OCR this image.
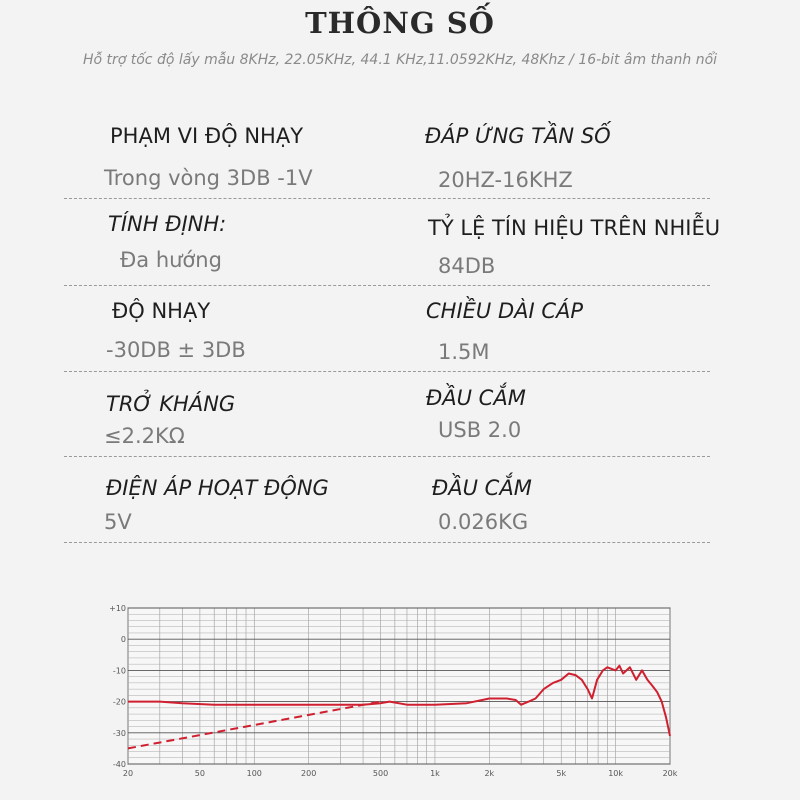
THÔNG SỐ
Hỗ trợ tốc độ lấy mẫu 8KHz, 22.05KHz, 44.1 KHz,11.0592KHz, 48Khz / 16-bit âm thanh nổi
PHẠM VI ĐỘ NHẠY
Trong vòng 3DB -1V
ĐÁP ỨNG TẦN SỐ
20HZ-16KHZ
TÍNH ĐỊNH:
Đa hướng
TỶ LỆ TÍN HIỆU TRÊN NHIỄU
84DB
ĐỘ NHẠY
-30DB ± 3DB
CHIỀU DÀI CÁP
1.5M
TRỞ KHÁNG
≤2.2KΩ
ĐẦU CẮM
USB 2.0
ĐIỆN ÁP HOẠT ĐỘNG
5V
ĐẦU CẮM
0.026KG
+10
0
-10
-20
-30
-40
20	50	100	200	500	1k	2k	5k	10k	20k
